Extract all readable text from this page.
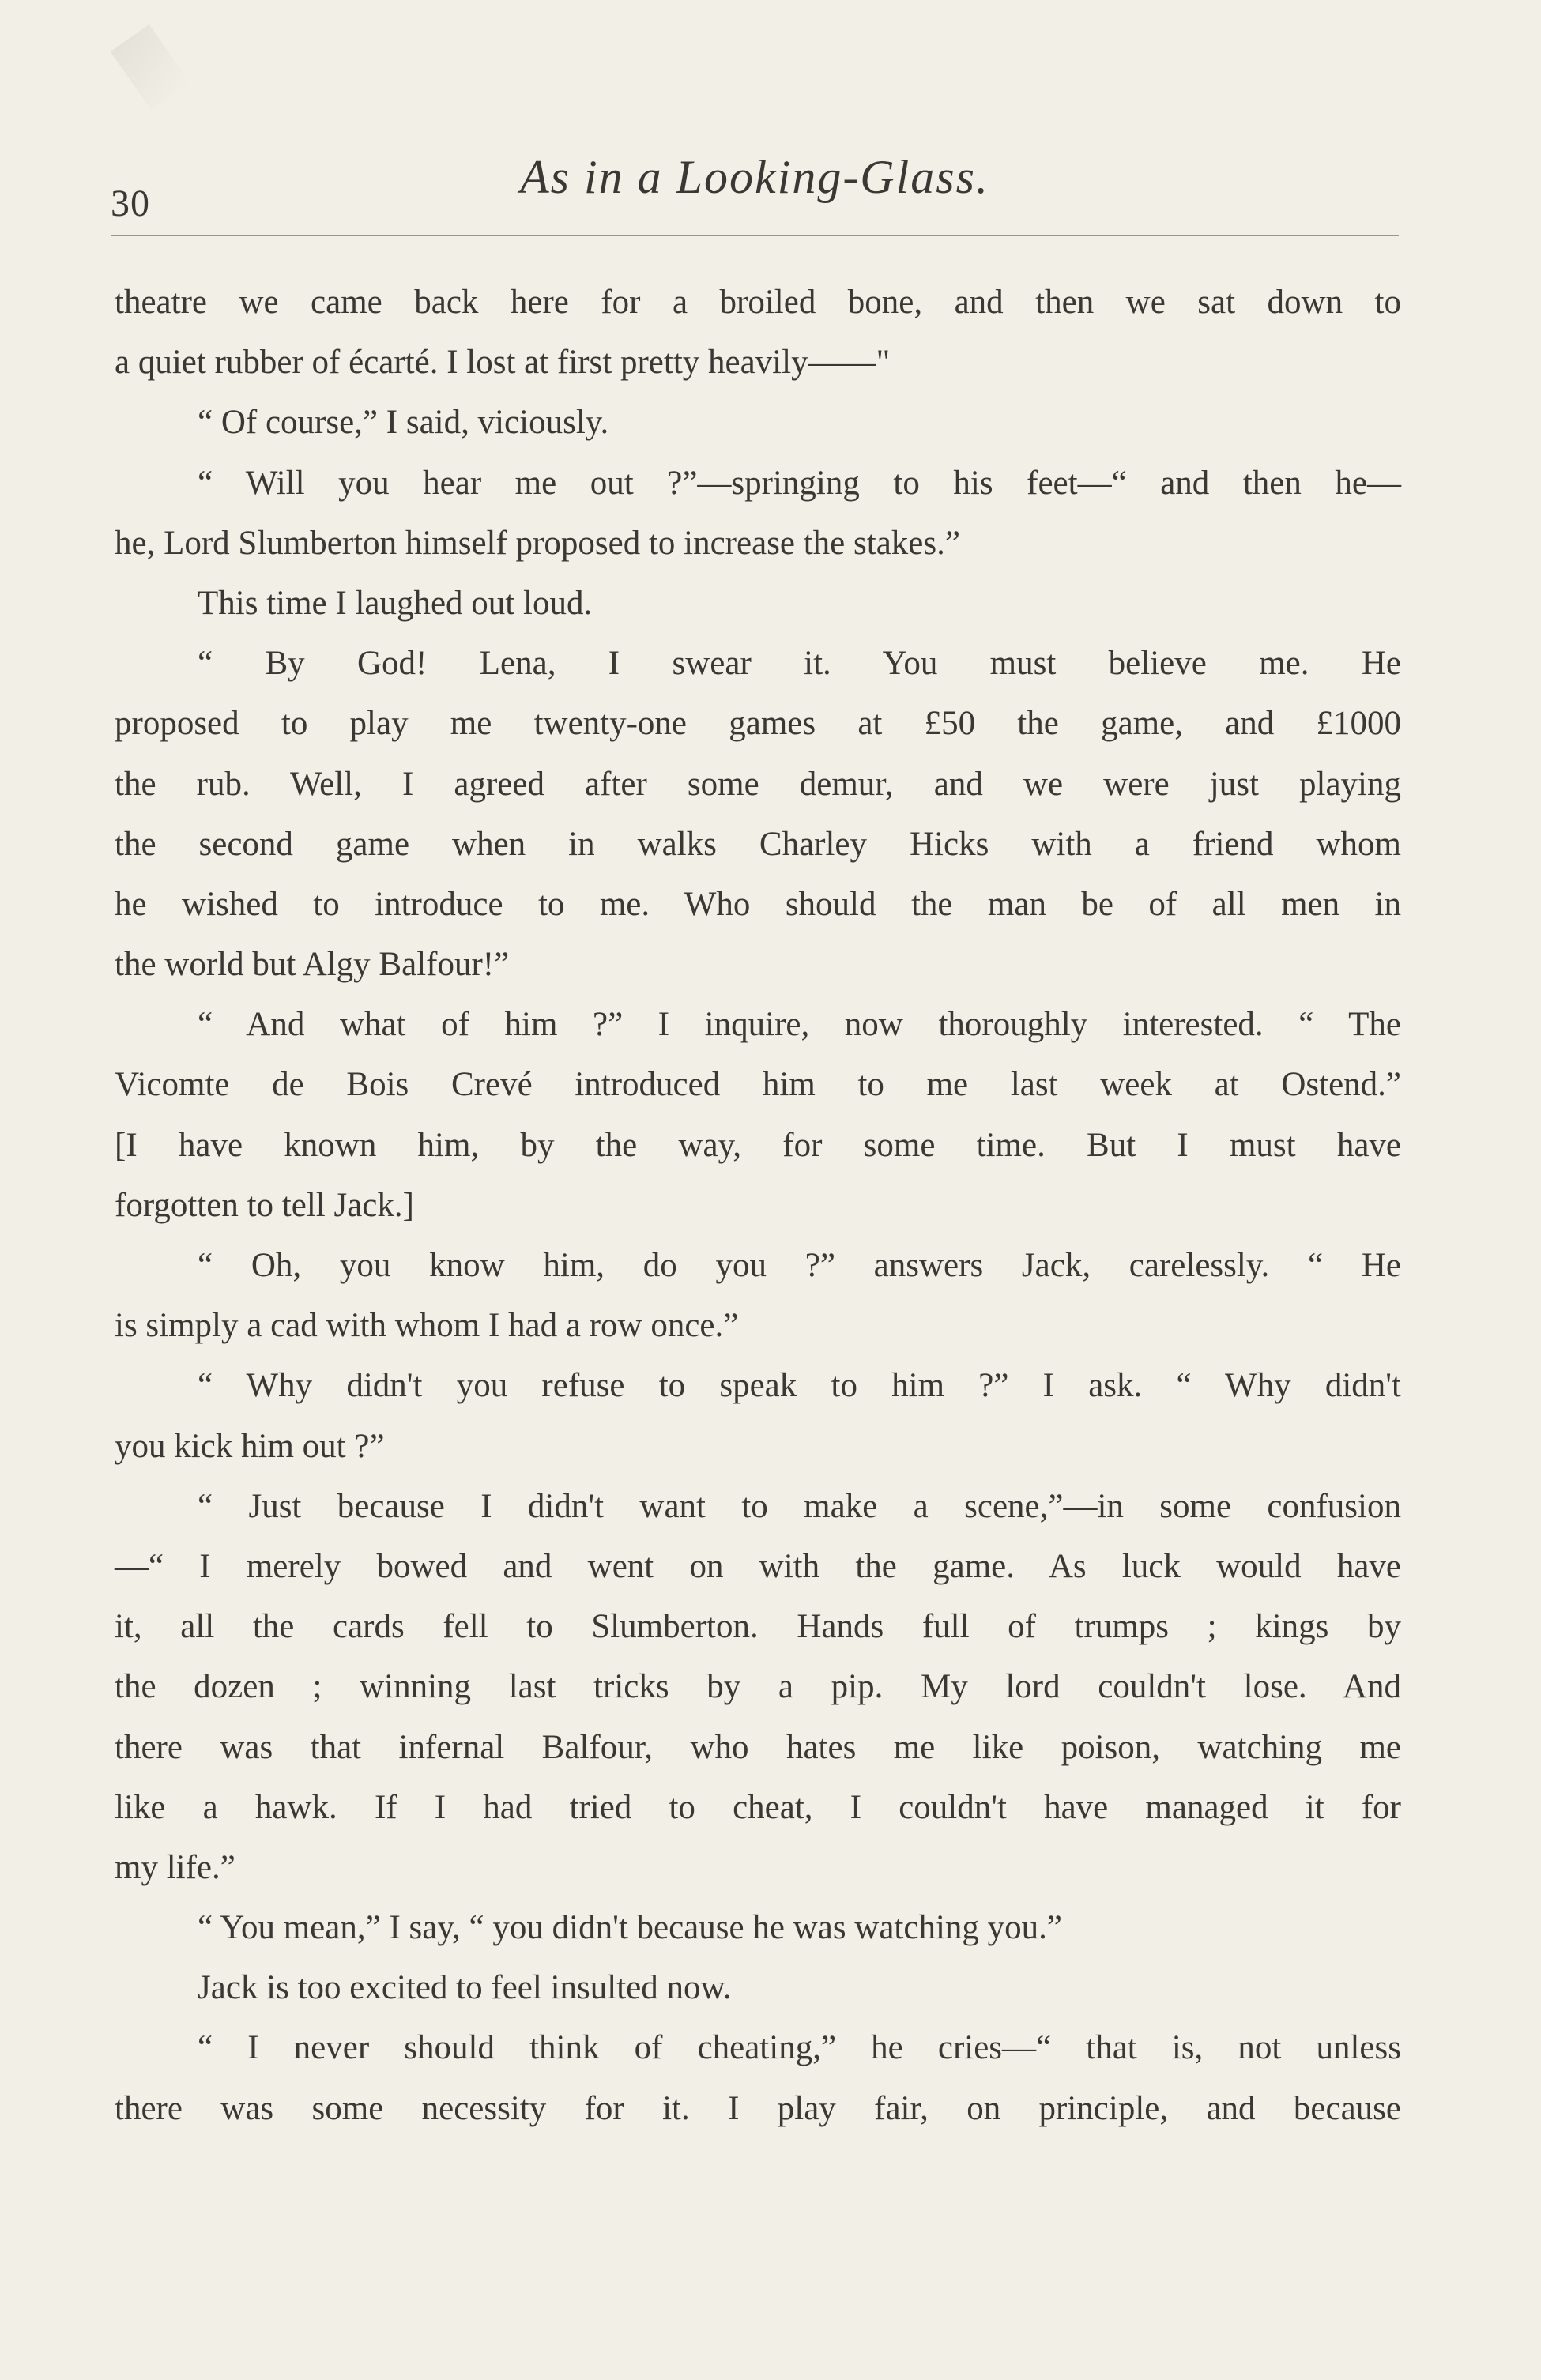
30
As in a Looking-Glass.
theatre we came back here for a broiled bone, and then we sat down to
a quiet rubber of écarté. I lost at first pretty heavily——"
“ Of course,” I said, viciously.
“ Will you hear me out ?”—springing to his feet—“ and then he—
he, Lord Slumberton himself proposed to increase the stakes.”
This time I laughed out loud.
“ By God! Lena, I swear it. You must believe me. He
proposed to play me twenty-one games at £50 the game, and £1000
the rub. Well, I agreed after some demur, and we were just playing
the second game when in walks Charley Hicks with a friend whom
he wished to introduce to me. Who should the man be of all men in
the world but Algy Balfour!”
“ And what of him ?” I inquire, now thoroughly interested. “ The
Vicomte de Bois Crevé introduced him to me last week at Ostend.”
[I have known him, by the way, for some time. But I must have
forgotten to tell Jack.]
“ Oh, you know him, do you ?” answers Jack, carelessly. “ He
is simply a cad with whom I had a row once.”
“ Why didn't you refuse to speak to him ?” I ask. “ Why didn't
you kick him out ?”
“ Just because I didn't want to make a scene,”—in some confusion
—“ I merely bowed and went on with the game. As luck would have
it, all the cards fell to Slumberton. Hands full of trumps ; kings by
the dozen ; winning last tricks by a pip. My lord couldn't lose. And
there was that infernal Balfour, who hates me like poison, watching me
like a hawk. If I had tried to cheat, I couldn't have managed it for
my life.”
“ You mean,” I say, “ you didn't because he was watching you.”
Jack is too excited to feel insulted now.
“ I never should think of cheating,” he cries—“ that is, not unless
there was some necessity for it. I play fair, on principle, and because
